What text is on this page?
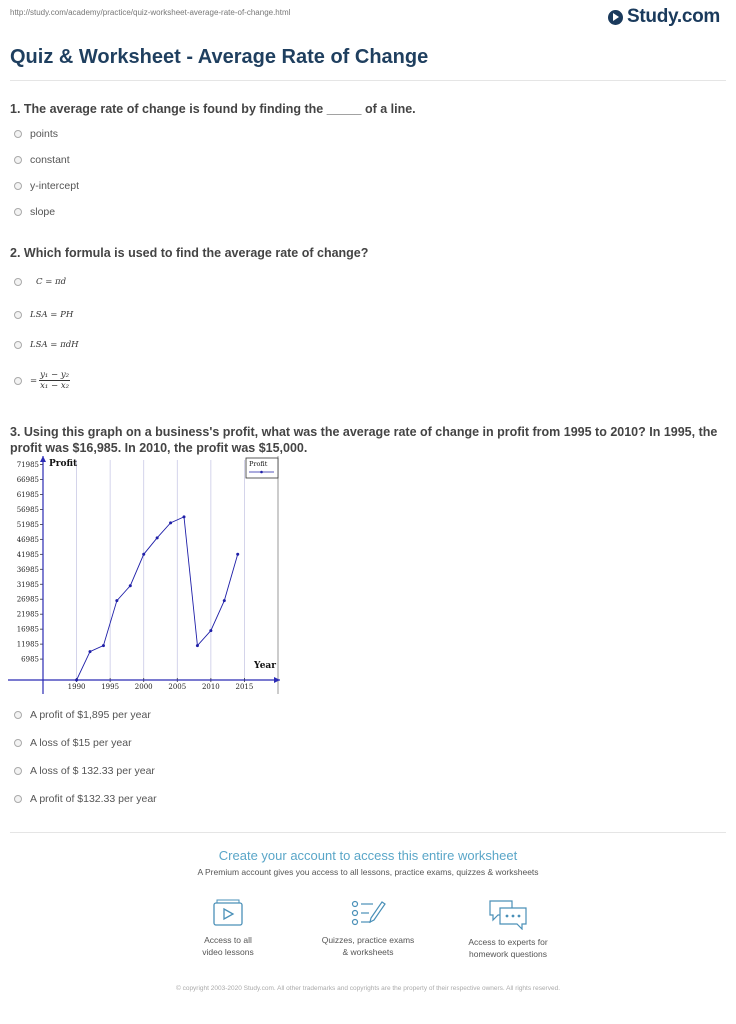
http://study.com/academy/practice/quiz-worksheet-average-rate-of-change.html	Study.com
Quiz & Worksheet - Average Rate of Change
1. The average rate of change is found by finding the _____ of a line.
points
constant
y-intercept
slope
2. Which formula is used to find the average rate of change?
C = πd
LSA = PH
LSA = πdH
= $\frac{\text{y₁ − y₂}}{\text{x₁ − x₂}}$
3. Using this graph on a business's profit, what was the average rate of change in profit from 1995 to 2010? In 1995, the profit was $16,985. In 2010, the profit was $15,000.
71985
66985
61985
56985
51985
46985
41985
36985
31985
26985
21985
16985
11985
6985
1990 1995 2000 2005 2010 2015
Profit
Year
Profit
A profit of $1,895 per year
A loss of $15 per year
A loss of $ 132.33 per year
A profit of $132.33 per year
Create your account to access this entire worksheet
A Premium account gives you access to all lessons, practice exams, quizzes & worksheets
Access to all
video lessons
Quizzes, practice exams
& worksheets
Access to experts for
homework questions
© copyright 2003-2020 Study.com. All other trademarks and copyrights are the property of their respective owners. All rights reserved.
